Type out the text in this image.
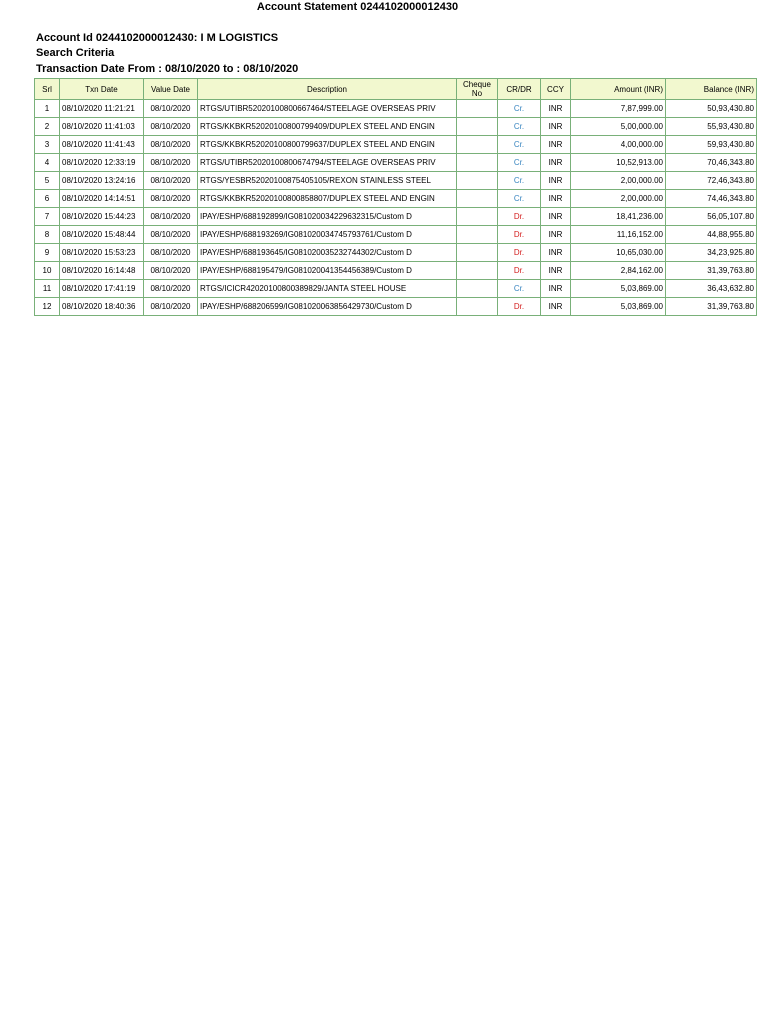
Account Statement 0244102000012430
Account Id 0244102000012430: I M LOGISTICS
Search Criteria
Transaction Date From : 08/10/2020 to : 08/10/2020
Srl	Txn Date	Value Date	Description	Cheque No	CR/DR	CCY	Amount (INR)	Balance (INR)
1	08/10/2020 11:21:21	08/10/2020	RTGS/UTIBR52020100800667464/STEELAGE OVERSEAS PRIV		Cr.	INR	7,87,999.00	50,93,430.80
2	08/10/2020 11:41:03	08/10/2020	RTGS/KKBKR52020100800799409/DUPLEX STEEL AND ENGIN		Cr.	INR	5,00,000.00	55,93,430.80
3	08/10/2020 11:41:43	08/10/2020	RTGS/KKBKR52020100800799637/DUPLEX STEEL AND ENGIN		Cr.	INR	4,00,000.00	59,93,430.80
4	08/10/2020 12:33:19	08/10/2020	RTGS/UTIBR52020100800674794/STEELAGE OVERSEAS PRIV		Cr.	INR	10,52,913.00	70,46,343.80
5	08/10/2020 13:24:16	08/10/2020	RTGS/YESBR52020100875405105/REXON STAINLESS STEEL		Cr.	INR	2,00,000.00	72,46,343.80
6	08/10/2020 14:14:51	08/10/2020	RTGS/KKBKR52020100800858807/DUPLEX STEEL AND ENGIN		Cr.	INR	2,00,000.00	74,46,343.80
7	08/10/2020 15:44:23	08/10/2020	IPAY/ESHP/688192899/IG081020034229632315/Custom D		Dr.	INR	18,41,236.00	56,05,107.80
8	08/10/2020 15:48:44	08/10/2020	IPAY/ESHP/688193269/IG081020034745793761/Custom D		Dr.	INR	11,16,152.00	44,88,955.80
9	08/10/2020 15:53:23	08/10/2020	IPAY/ESHP/688193645/IG081020035232744302/Custom D		Dr.	INR	10,65,030.00	34,23,925.80
10	08/10/2020 16:14:48	08/10/2020	IPAY/ESHP/688195479/IG081020041354456389/Custom D		Dr.	INR	2,84,162.00	31,39,763.80
11	08/10/2020 17:41:19	08/10/2020	RTGS/ICICR42020100800389829/JANTA STEEL HOUSE		Cr.	INR	5,03,869.00	36,43,632.80
12	08/10/2020 18:40:36	08/10/2020	IPAY/ESHP/688206599/IG081020063856429730/Custom D		Dr.	INR	5,03,869.00	31,39,763.80
